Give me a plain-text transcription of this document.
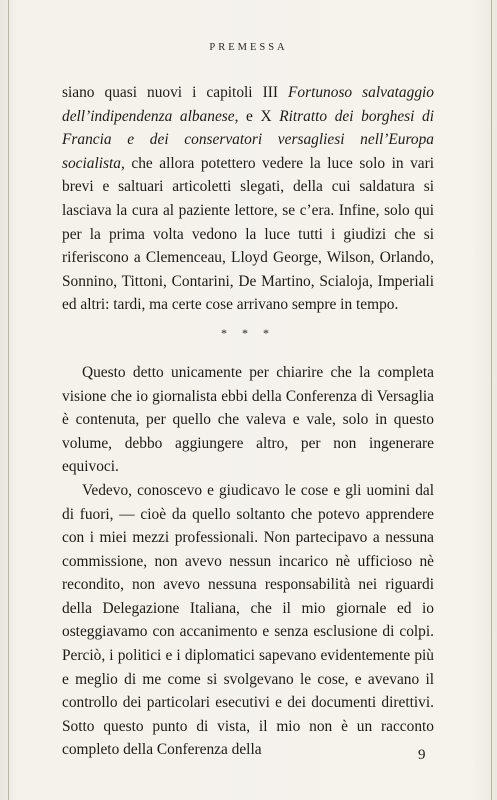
PREMESSA

siano quasi nuovi i capitoli III Fortunoso salvataggio dell’indipendenza albanese, e X Ritratto dei borghesi di Francia e dei conservatori versagliesi nell’Europa socialista, che allora potettero vedere la luce solo in vari brevi e saltuari articoletti slegati, della cui saldatura si lasciava la cura al paziente lettore, se c’era. Infine, solo qui per la prima volta vedono la luce tutti i giudizi che si riferiscono a Clemenceau, Lloyd George, Wilson, Orlando, Sonnino, Tittoni, Contarini, De Martino, Scialoja, Imperiali ed altri: tardi, ma certe cose arrivano sempre in tempo.

* * *

Questo detto unicamente per chiarire che la completa visione che io giornalista ebbi della Conferenza di Versaglia è contenuta, per quello che valeva e vale, solo in questo volume, debbo aggiungere altro, per non ingenerare equivoci.

Vedevo, conoscevo e giudicavo le cose e gli uomini dal di fuori, — cioè da quello soltanto che potevo apprendere con i miei mezzi professionali. Non partecipavo a nessuna commissione, non avevo nessun incarico nè ufficioso nè recondito, non avevo nessuna responsabilità nei riguardi della Delegazione Italiana, che il mio giornale ed io osteggiavamo con accanimento e senza esclusione di colpi. Perciò, i politici e i diplomatici sapevano evidentemente più e meglio di me come si svolgevano le cose, e avevano il controllo dei particolari esecutivi e dei documenti direttivi. Sotto questo punto di vista, il mio non è un racconto completo della Conferenza della	9
